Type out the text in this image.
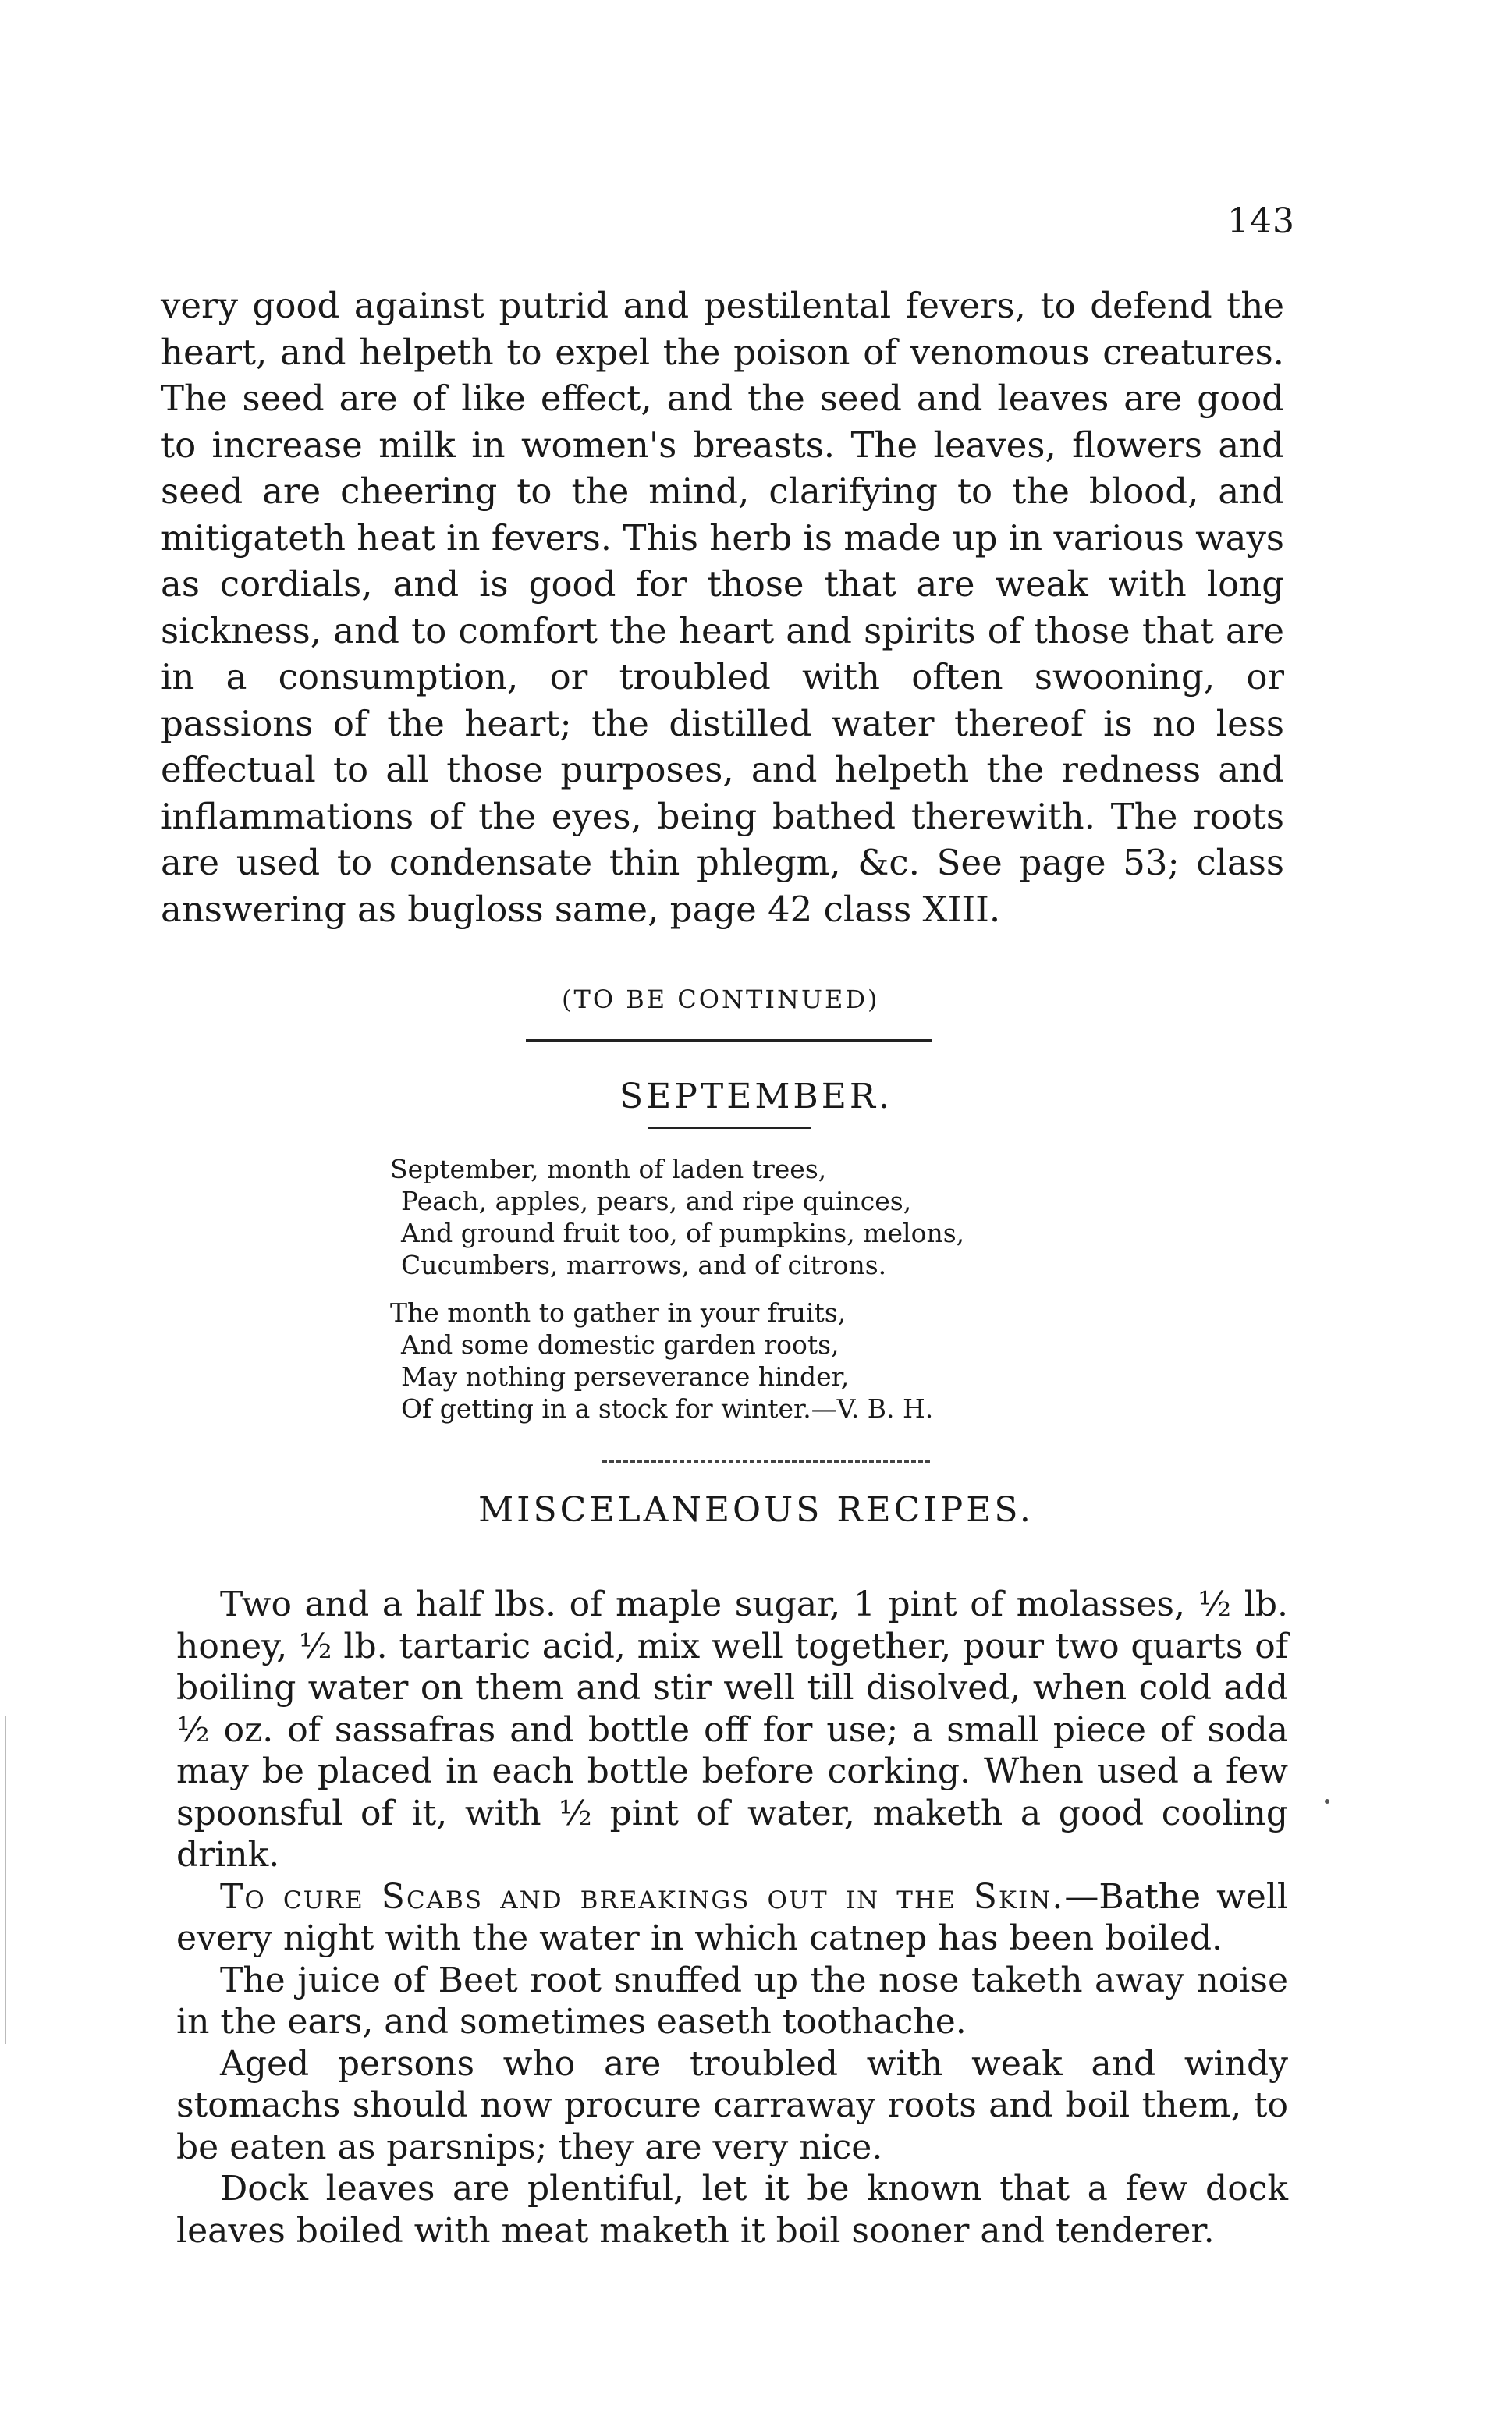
143

very good against putrid and pestilental fevers, to defend the heart, and helpeth to expel the poison of venomous creatures. The seed are of like effect, and the seed and leaves are good to increase milk in women's breasts. The leaves, flowers and seed are cheering to the mind, clarifying to the blood, and mitigateth heat in fevers. This herb is made up in various ways as cordials, and is good for those that are weak with long sickness, and to comfort the heart and spirits of those that are in a consumption, or troubled with often swooning, or passions of the heart; the distilled water thereof is no less effectual to all those purposes, and helpeth the redness and inflammations of the eyes, being bathed therewith. The roots are used to condensate thin phlegm, &c. See page 53; class answering as bugloss same, page 42 class XIII.

(TO BE CONTINUED)
SEPTEMBER.
September, month of laden trees,
Peach, apples, pears, and ripe quinces,
And ground fruit too, of pumpkins, melons,
Cucumbers, marrows, and of citrons.
The month to gather in your fruits,
And some domestic garden roots,
May nothing perseverance hinder,
Of getting in a stock for winter.—V. B. H.
MISCELANEOUS RECIPES.

Two and a half lbs. of maple sugar, 1 pint of molasses, ½ lb. honey, ½ lb. tartaric acid, mix well together, pour two quarts of boiling water on them and stir well till disolved, when cold add ½ oz. of sassafras and bottle off for use; a small piece of soda may be placed in each bottle before corking. When used a few spoonsful of it, with ½ pint of water, maketh a good cooling drink.

To cure Scabs and breakings out in the Skin.—Bathe well every night with the water in which catnep has been boiled.

The juice of Beet root snuffed up the nose taketh away noise in the ears, and sometimes easeth toothache.

Aged persons who are troubled with weak and windy stomachs should now procure carraway roots and boil them, to be eaten as parsnips; they are very nice.

Dock leaves are plentiful, let it be known that a few dock leaves boiled with meat maketh it boil sooner and tenderer.
